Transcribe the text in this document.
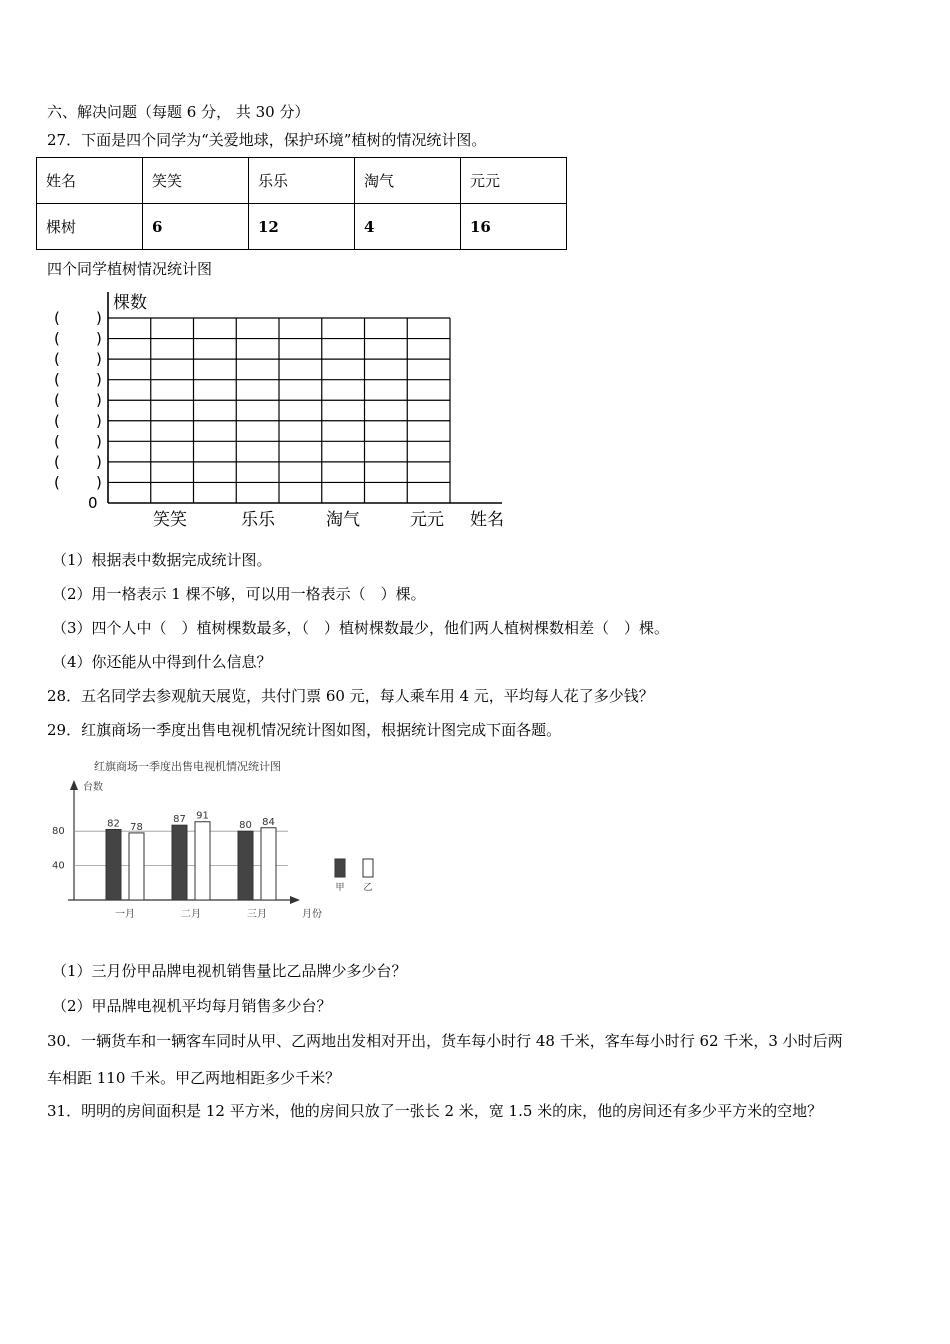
六、解决问题（每题 6 分， 共 30 分）
27．下面是四个同学为“关爱地球，保护环境”植树的情况统计图。
姓名	笑笑	乐乐	淘气	元元
棵树	6	12	4	16
四个同学植树情况统计图
( )
( )
( )
( )
( )
( )
( )
( )
( )
棵数
0
笑笑	乐乐	淘气	元元 姓名
（1）根据表中数据完成统计图。
（2）用一格表示 1 棵不够，可以用一格表示（　）棵。
（3）四个人中（　）植树棵数最多，（　）植树棵数最少，他们两人植树棵数相差（　）棵。
（4）你还能从中得到什么信息？
28．五名同学去参观航天展览，共付门票 60 元，每人乘车用 4 元，平均每人花了多少钱？
29．红旗商场一季度出售电视机情况统计图如图，根据统计图完成下面各题。
红旗商场一季度出售电视机情况统计图
台数
月份
40
80
82 78
一月
87 91
二月
80 84
三月
甲 乙
（1）三月份甲品牌电视机销售量比乙品牌少多少台？
（2）甲品牌电视机平均每月销售多少台？
30．一辆货车和一辆客车同时从甲、乙两地出发相对开出，货车每小时行 48 千米，客车每小时行 62 千米，3 小时后两
车相距 110 千米。甲乙两地相距多少千米？
31．明明的房间面积是 12 平方米，他的房间只放了一张长 2 米，宽 1.5 米的床，他的房间还有多少平方米的空地？
